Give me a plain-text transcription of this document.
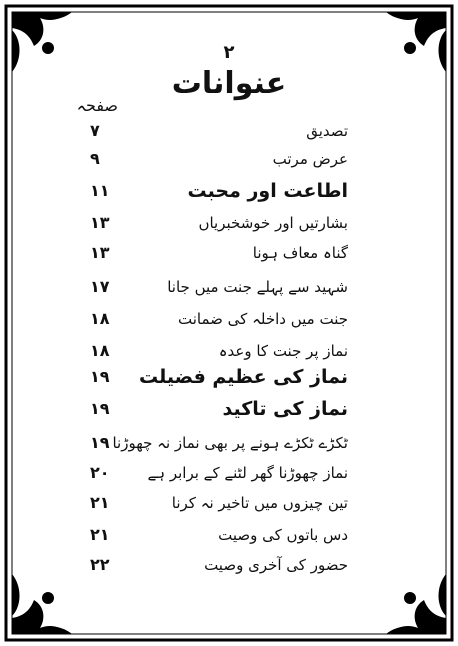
۲
عنوانات
صفحہ
تصدیق
۷
عرض مرتب
۹
اطاعت اور محبت
۱۱
بشارتیں اور خوشخبریاں
۱۳
گناہ معاف ہونا
۱۳
شہید سے پہلے جنت میں جانا
۱۷
جنت میں داخلہ کی ضمانت
۱۸
نماز پر جنت کا وعدہ
۱۸
نماز کی عظیم فضیلت
۱۹
نماز کی تاکید
۱۹
ٹکڑے ٹکڑے ہونے پر بھی نماز نہ چھوڑنا
۱۹
نماز چھوڑنا گھر لٹنے کے برابر ہے
۲۰
تین چیزوں میں تاخیر نہ کرنا
۲۱
دس باتوں کی وصیت
۲۱
حضور کی آخری وصیت
۲۲
